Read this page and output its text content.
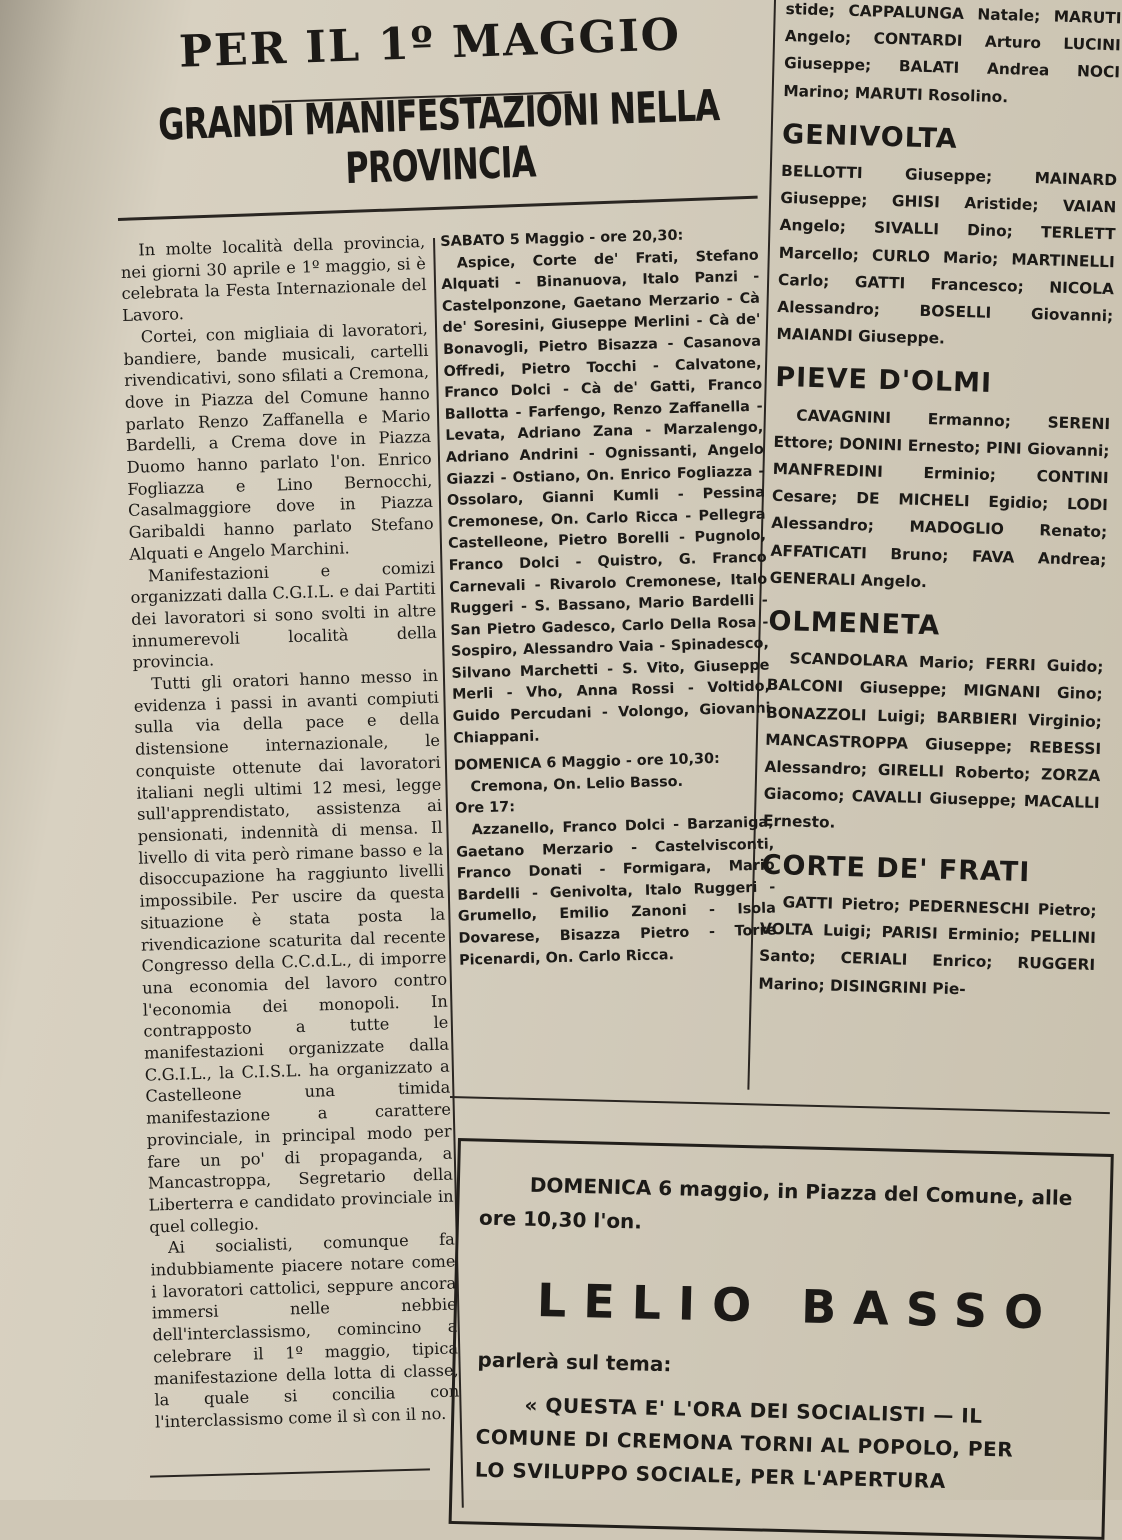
PER IL 1º MAGGIO
GRANDI MANIFESTAZIONI NELLA PROVINCIA

In molte località della provincia, nei giorni 30 aprile e 1º maggio, si è celebrata la Festa Internazionale del Lavoro.

Cortei, con migliaia di lavoratori, bandiere, bande musicali, cartelli rivendicativi, sono sfilati a Cremona, dove in Piazza del Comune hanno parlato Renzo Zaffanella e Mario Bardelli, a Crema dove in Piazza Duomo hanno parlato l'on. Enrico Fogliazza e Lino Bernocchi, Casalmaggiore dove in Piazza Garibaldi hanno parlato Stefano Alquati e Angelo Marchini.

Manifestazioni e comizi organizzati dalla C.G.I.L. e dai Partiti dei lavoratori si sono svolti in altre innumerevoli località della provincia.

Tutti gli oratori hanno messo in evidenza i passi in avanti compiuti sulla via della pace e della distensione internazionale, le conquiste ottenute dai lavoratori italiani negli ultimi 12 mesi, legge sull'apprendistato, assistenza ai pensionati, indennità di mensa. Il livello di vita però rimane basso e la disoccupazione ha raggiunto livelli impossibile. Per uscire da questa situazione è stata posta la rivendicazione scaturita dal recente Congresso della C.C.d.L., di imporre una economia del lavoro contro l'economia dei monopoli. In contrapposto a tutte le manifestazioni organizzate dalla C.G.I.L., la C.I.S.L. ha organizzato a Castelleone una timida manifestazione a carattere provinciale, in principal modo per fare un po' di propaganda, a Mancastroppa, Segretario della Liberterra e candidato provinciale in quel collegio.

Ai socialisti, comunque fa indubbiamente piacere notare come i lavoratori cattolici, seppure ancora immersi nelle nebbie dell'interclassismo, comincino a celebrare il 1º maggio, tipica manifestazione della lotta di classe, la quale si concilia con l'interclassismo come il sì con il no.

SABATO 5 Maggio - ore 20,30:

Aspice, Corte de' Frati, Stefano Alquati - Binanuova, Italo Panzi - Castelponzone, Gaetano Merzario - Cà de' Soresini, Giuseppe Merlini - Cà de' Bonavogli, Pietro Bisazza - Casanova Offredi, Pietro Tocchi - Calvatone, Franco Dolci - Cà de' Gatti, Franco Ballotta - Farfengo, Renzo Zaffanella - Levata, Adriano Zana - Marzalengo, Adriano Andrini - Ognissanti, Angelo Giazzi - Ostiano, On. Enrico Fogliazza - Ossolaro, Gianni Kumli - Pessina Cremonese, On. Carlo Ricca - Pellegra Castelleone, Pietro Borelli - Pugnolo, Franco Dolci - Quistro, G. Franco Carnevali - Rivarolo Cremonese, Italo Ruggeri - S. Bassano, Mario Bardelli - San Pietro Gadesco, Carlo Della Rosa - Sospiro, Alessandro Vaia - Spinadesco, Silvano Marchetti - S. Vito, Giuseppe Merli - Vho, Anna Rossi - Voltido, Guido Percudani - Volongo, Giovanni Chiappani.

DOMENICA 6 Maggio - ore 10,30:

Cremona, On. Lelio Basso.

Ore 17:

Azzanello, Franco Dolci - Barzaniga, Gaetano Merzario - Castelvisconti, Franco Donati - Formigara, Mario Bardelli - Genivolta, Italo Ruggeri - Grumello, Emilio Zanoni - Isola Dovarese, Bisazza Pietro - Torre Picenardi, On. Carlo Ricca.

stide; CAPPALUNGA Natale; MARUTI Angelo; CONTARDI Arturo LUCINI Giuseppe; BALATI Andrea NOCI Marino; MARUTI Rosolino.

GENIVOLTA

BELLOTTI Giuseppe; MAINARD Giuseppe; GHISI Aristide; VAIAN Angelo; SIVALLI Dino; TERLETT Marcello; CURLO Mario; MARTINELLI Carlo; GATTI Francesco; NICOLA Alessandro; BOSELLI Giovanni; MAIANDI Giuseppe.

PIEVE D'OLMI

CAVAGNINI Ermanno; SERENI Ettore; DONINI Ernesto; PINI Giovanni; MANFREDINI Erminio; CONTINI Cesare; DE MICHELI Egidio; LODI Alessandro; MADOGLIO Renato; AFFATICATI Bruno; FAVA Andrea; GENERALI Angelo.

OLMENETA

SCANDOLARA Mario; FERRI Guido; BALCONI Giuseppe; MIGNANI Gino; BONAZZOLI Luigi; BARBIERI Virginio; MANCASTROPPA Giuseppe; REBESSI Alessandro; GIRELLI Roberto; ZORZA Giacomo; CAVALLI Giuseppe; MACALLI Ernesto.

CORTE DE' FRATI

GATTI Pietro; PEDERNESCHI Pietro; VOLTA Luigi; PARISI Erminio; PELLINI Santo; CERIALI Enrico; RUGGERI Marino; DISINGRINI Pie-

DOMENICA 6 maggio, in Piazza del Comune, alle
ore 10,30 l'on.
LELIO BASSO
parlerà sul tema:
« QUESTA E' L'ORA DEI SOCIALISTI — IL COMUNE DI CREMONA TORNI AL POPOLO, PER LO SVILUPPO SOCIALE, PER L'APERTURA
